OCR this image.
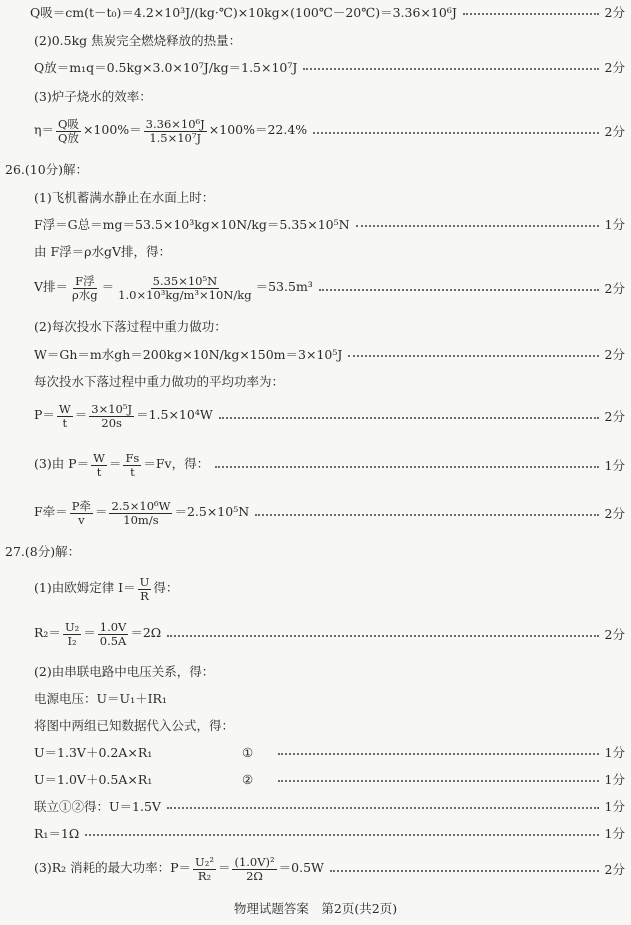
Q吸＝cm(t－t₀)＝4.2×10³J/(kg·℃)×10kg×(100℃－20℃)＝3.36×10⁶J	2分
(2)0.5kg 焦炭完全燃烧释放的热量：
Q放＝m₁q＝0.5kg×3.0×10⁷J/kg＝1.5×10⁷J	2分
(3)炉子烧水的效率：
$\eta= \frac{\text{Q吸}}{\text{Q放}} \times 100\%= \frac{\text{3.36×10⁶J}}{\text{1.5×10⁷J}} \times 100\%=22.4\%$	2分
26.(10分)解：
(1)飞机蓄满水静止在水面上时：
F浮＝G总＝mg＝53.5×10³kg×10N/kg＝5.35×10⁵N	1分
由 F浮＝ρ水gV排，得：
V排＝ $\frac{\text{F浮}}{\text{ρ水g}} = \frac{\text{5.35×10⁵N}}{\text{1.0×10³kg/m³×10N/kg}} =53.5m^3$	2分
(2)每次投水下落过程中重力做功：
W＝Gh＝m水gh＝200kg×10N/kg×150m＝3×10⁵J	2分
每次投水下落过程中重力做功的平均功率为：
$P= \frac{W}{t} = \frac{\text{3×10⁵J}}{20s} =1.5\times 10^4W$	2分
(3)由 $P= \frac{W}{t} = \frac{Fs}{t} =Fv$，得：	1分
F牵＝ $\frac{\text{P牵}}{v} = \frac{\text{2.5×10⁶W}}{10m/s} =2.5\times 10^5N$	2分
27.(8分)解：
(1)由欧姆定律 $I= \frac{U}{R}$ 得：
$R_2= \frac{\text{U₂}}{\text{I₂}} = \frac{1.0V}{0.5A} =2\Omega$	2分
(2)由串联电路中电压关系，得：
电源电压：U＝U₁＋IR₁
将图中两组已知数据代入公式，得：
U＝1.3V＋0.2A×R₁	①	1分
U＝1.0V＋0.5A×R₁	②	1分
联立①②得：U＝1.5V	1分
R₁＝1Ω	1分
(3)R₂ 消耗的最大功率：$P= \frac{\text{U₂²}}{\text{R₂}} = \frac{\text{(1.0V)²}}{2\Omega} =0.5W$	2分
物理试题答案　第2页(共2页)
